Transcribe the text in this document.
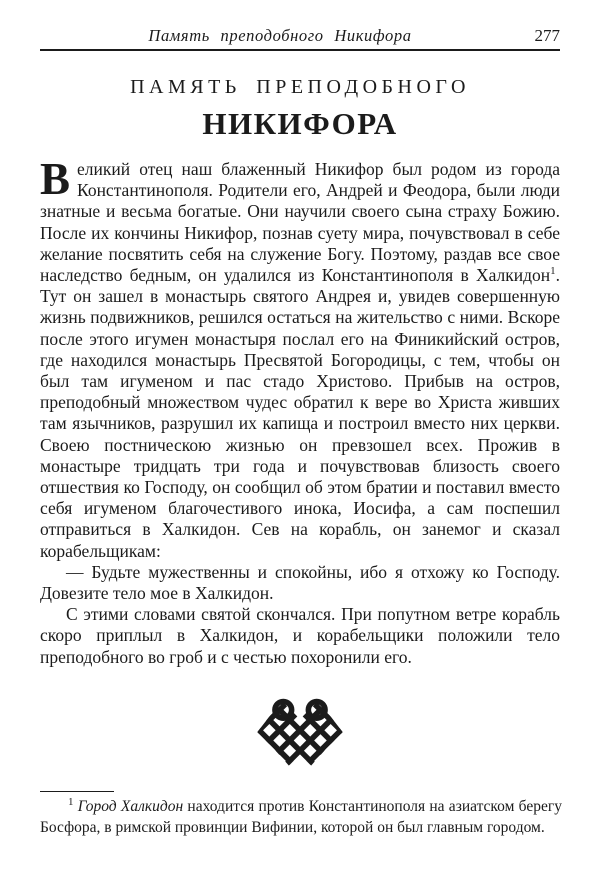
Память преподобного Никифора	277
ПАМЯТЬ ПРЕПОДОБНОГО
НИКИФОРА

Великий отец наш блаженный Никифор был родом из города Константинополя. Родители его, Андрей и Феодора, были люди знатные и весьма богатые. Они научили своего сына страху Божию. После их кончины Никифор, познав суету мира, почувствовал в себе желание посвятить себя на служение Богу. Поэтому, раздав все свое наследство бедным, он удалился из Константинополя в Халкидон$^1$. Тут он зашел в монастырь святого Андрея и, увидев совершенную жизнь подвижников, решился остаться на жительство с ними. Вскоре после этого игумен монастыря послал его на Финикийский остров, где находился монастырь Пресвятой Богородицы, с тем, чтобы он был там игуменом и пас стадо Христово. Прибыв на остров, преподобный множеством чудес обратил к вере во Христа живших там язычников, разрушил их капища и построил вместо них церкви. Своею постническою жизнью он превзошел всех. Прожив в монастыре тридцать три года и почувствовав близость своего отшествия ко Господу, он сообщил об этом братии и поставил вместо себя игуменом благочестивого инока, Иосифа, а сам поспешил отправиться в Халкидон. Сев на корабль, он занемог и сказал корабельщикам:

— Будьте мужественны и спокойны, ибо я отхожу ко Господу. Довезите тело мое в Халкидон.

С этими словами святой скончался. При попутном ветре корабль скоро приплыл в Халкидон, и корабельщики положили тело преподобного во гроб и с честью похоронили его.

$^1$ Город Халкидон находится против Константинополя на азиатском берегу Босфора, в римской провинции Вифинии, которой он был главным городом.
